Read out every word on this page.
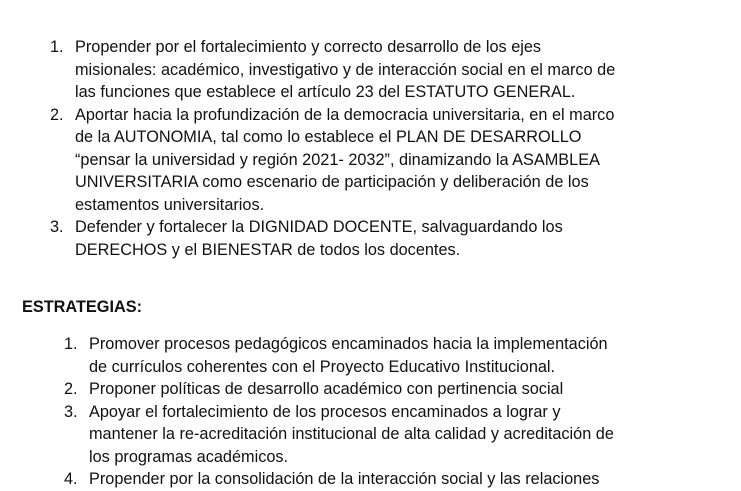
1. Propender por el fortalecimiento y correcto desarrollo de los ejes
misionales: académico, investigativo y de interacción social en el marco de
las funciones que establece el artículo 23 del ESTATUTO GENERAL.
2. Aportar hacia la profundización de la democracia universitaria, en el marco
de la AUTONOMIA, tal como lo establece el PLAN DE DESARROLLO
“pensar la universidad y región 2021- 2032”, dinamizando la ASAMBLEA
UNIVERSITARIA como escenario de participación y deliberación de los
estamentos universitarios.
3. Defender y fortalecer la DIGNIDAD DOCENTE, salvaguardando los
DERECHOS y el BIENESTAR de todos los docentes.
ESTRATEGIAS:
1. Promover procesos pedagógicos encaminados hacia la implementación
de currículos coherentes con el Proyecto Educativo Institucional.
2. Proponer políticas de desarrollo académico con pertinencia social
3. Apoyar el fortalecimiento de los procesos encaminados a lograr y
mantener la re-acreditación institucional de alta calidad y acreditación de
los programas académicos.
4. Propender por la consolidación de la interacción social y las relaciones
